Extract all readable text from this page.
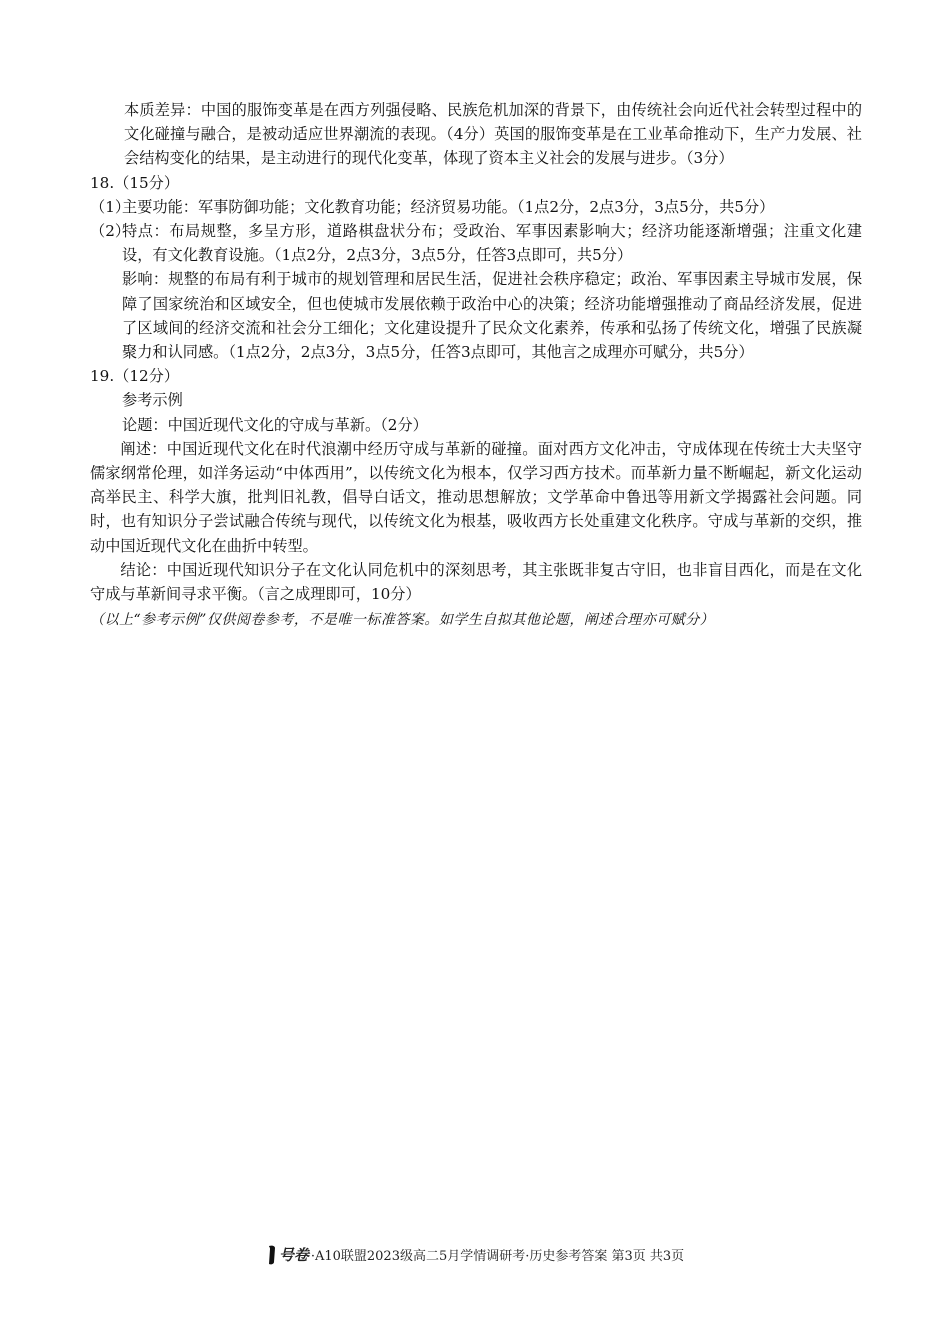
本质差异：中国的服饰变革是在西方列强侵略、民族危机加深的背景下，由传统社会向近代社会转型过程中的文化碰撞与融合，是被动适应世界潮流的表现。（4分）英国的服饰变革是在工业革命推动下，生产力发展、社会结构变化的结果，是主动进行的现代化变革，体现了资本主义社会的发展与进步。（3分）

18.（15分）

（1）
主要功能：军事防御功能；文化教育功能；经济贸易功能。（1点2分，2点3分，3点5分，共5分）
（2）
特点：布局规整，多呈方形，道路棋盘状分布；受政治、军事因素影响大；经济功能逐渐增强；注重文化建设，有文化教育设施。（1点2分，2点3分，3点5分，任答3点即可，共5分）
影响：规整的布局有利于城市的规划管理和居民生活，促进社会秩序稳定；政治、军事因素主导城市发展，保障了国家统治和区域安全，但也使城市发展依赖于政治中心的决策；经济功能增强推动了商品经济发展，促进了区域间的经济交流和社会分工细化；文化建设提升了民众文化素养，传承和弘扬了传统文化，增强了民族凝聚力和认同感。（1点2分，2点3分，3点5分，任答3点即可，其他言之成理亦可赋分，共5分）

19.（12分）

参考示例

论题：中国近现代文化的守成与革新。（2分）

阐述：中国近现代文化在时代浪潮中经历守成与革新的碰撞。面对西方文化冲击，守成体现在传统士大夫坚守儒家纲常伦理，如洋务运动“中体西用”，以传统文化为根本，仅学习西方技术。而革新力量不断崛起，新文化运动高举民主、科学大旗，批判旧礼教，倡导白话文，推动思想解放；文学革命中鲁迅等用新文学揭露社会问题。同时，也有知识分子尝试融合传统与现代，以传统文化为根基，吸收西方长处重建文化秩序。守成与革新的交织，推动中国近现代文化在曲折中转型。

结论：中国近现代知识分子在文化认同危机中的深刻思考，其主张既非复古守旧，也非盲目西化，而是在文化守成与革新间寻求平衡。（言之成理即可，10分）

（以上“参考示例”仅供阅卷参考，不是唯一标准答案。如学生自拟其他论题，阐述合理亦可赋分）

号卷 ·A10联盟2023级高二5月学情调研考·历史参考答案 第3页 共3页
